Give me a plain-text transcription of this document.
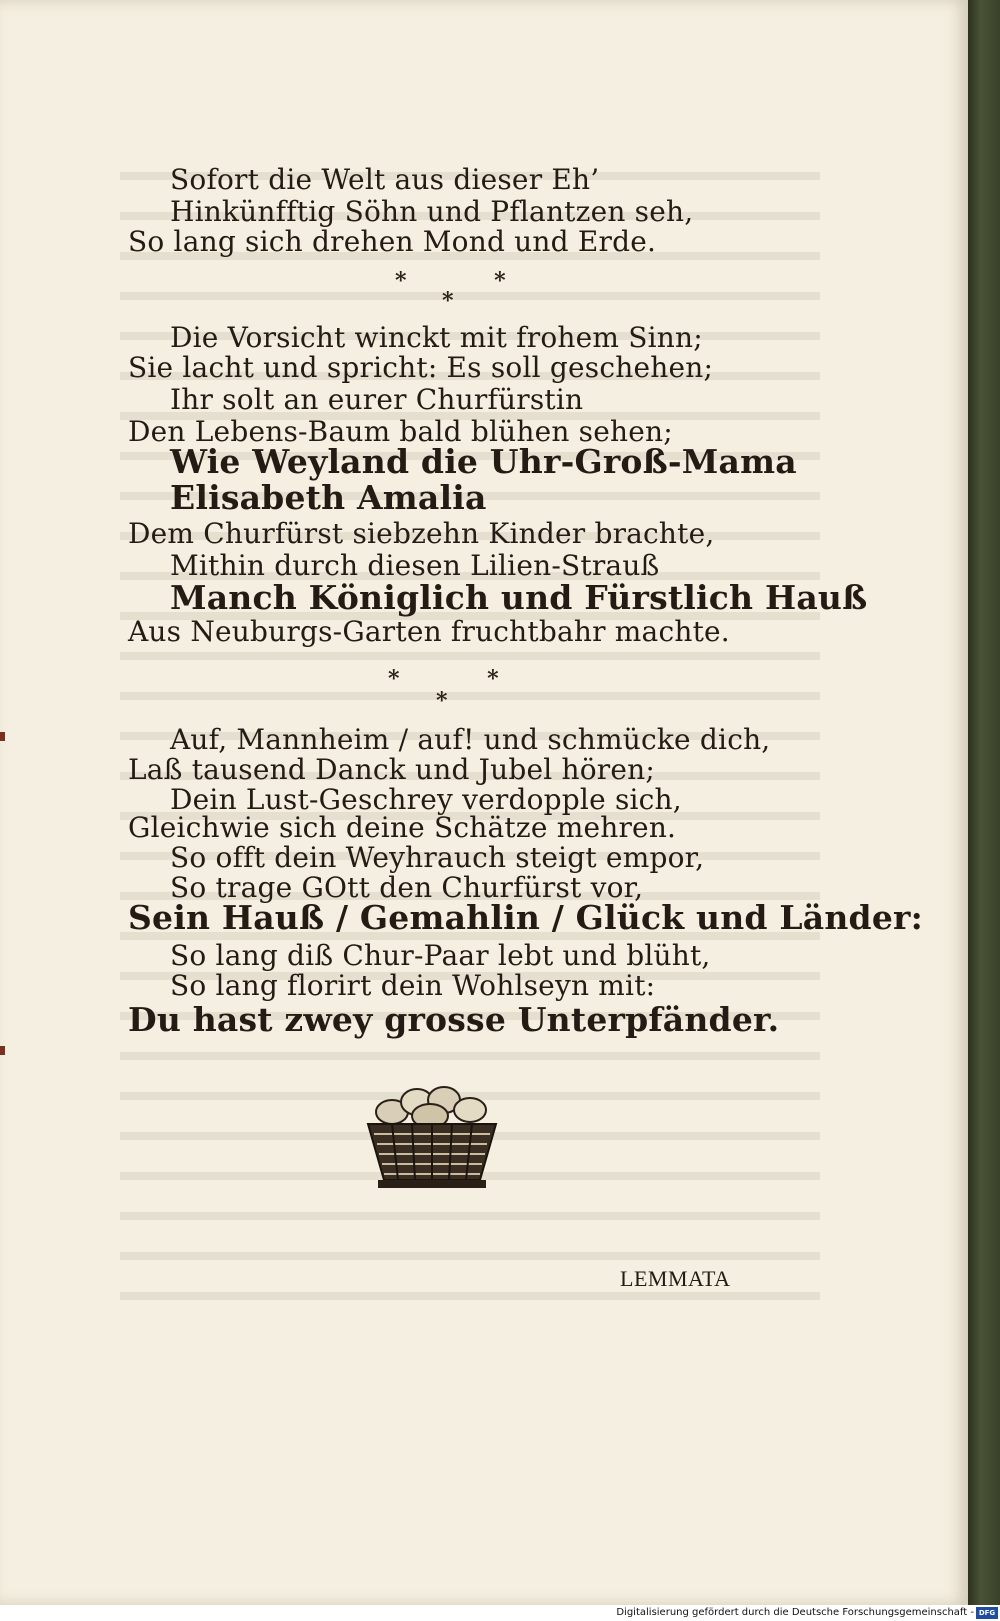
Sofort die Welt aus dieser Eh’
Hinkünfftig Söhn und Pflantzen seh,
So lang sich drehen Mond und Erde.
* *
*
Die Vorsicht winckt mit frohem Sinn;
Sie lacht und spricht: Es soll geschehen;
Ihr solt an eurer Churfürstin
Den Lebens-Baum bald blühen sehen;
Wie Weyland die Uhr-Groß-Mama
Elisabeth Amalia
Dem Churfürst siebzehn Kinder brachte,
Mithin durch diesen Lilien-Strauß
Manch Königlich und Fürstlich Hauß
Aus Neuburgs-Garten fruchtbahr machte.
* *
*
Auf, Mannheim / auf! und schmücke dich,
Laß tausend Danck und Jubel hören;
Dein Lust-Geschrey verdopple sich,
Gleichwie sich deine Schätze mehren.
So offt dein Weyhrauch steigt empor,
So trage GOtt den Churfürst vor,
Sein Hauß / Gemahlin / Glück und Länder:
So lang diß Chur-Paar lebt und blüht,
So lang florirt dein Wohlseyn mit:
Du hast zwey grosse Unterpfänder.
LEMMATA
Digitalisierung gefördert durch die Deutsche Forschungsgemeinschaft - DFG
